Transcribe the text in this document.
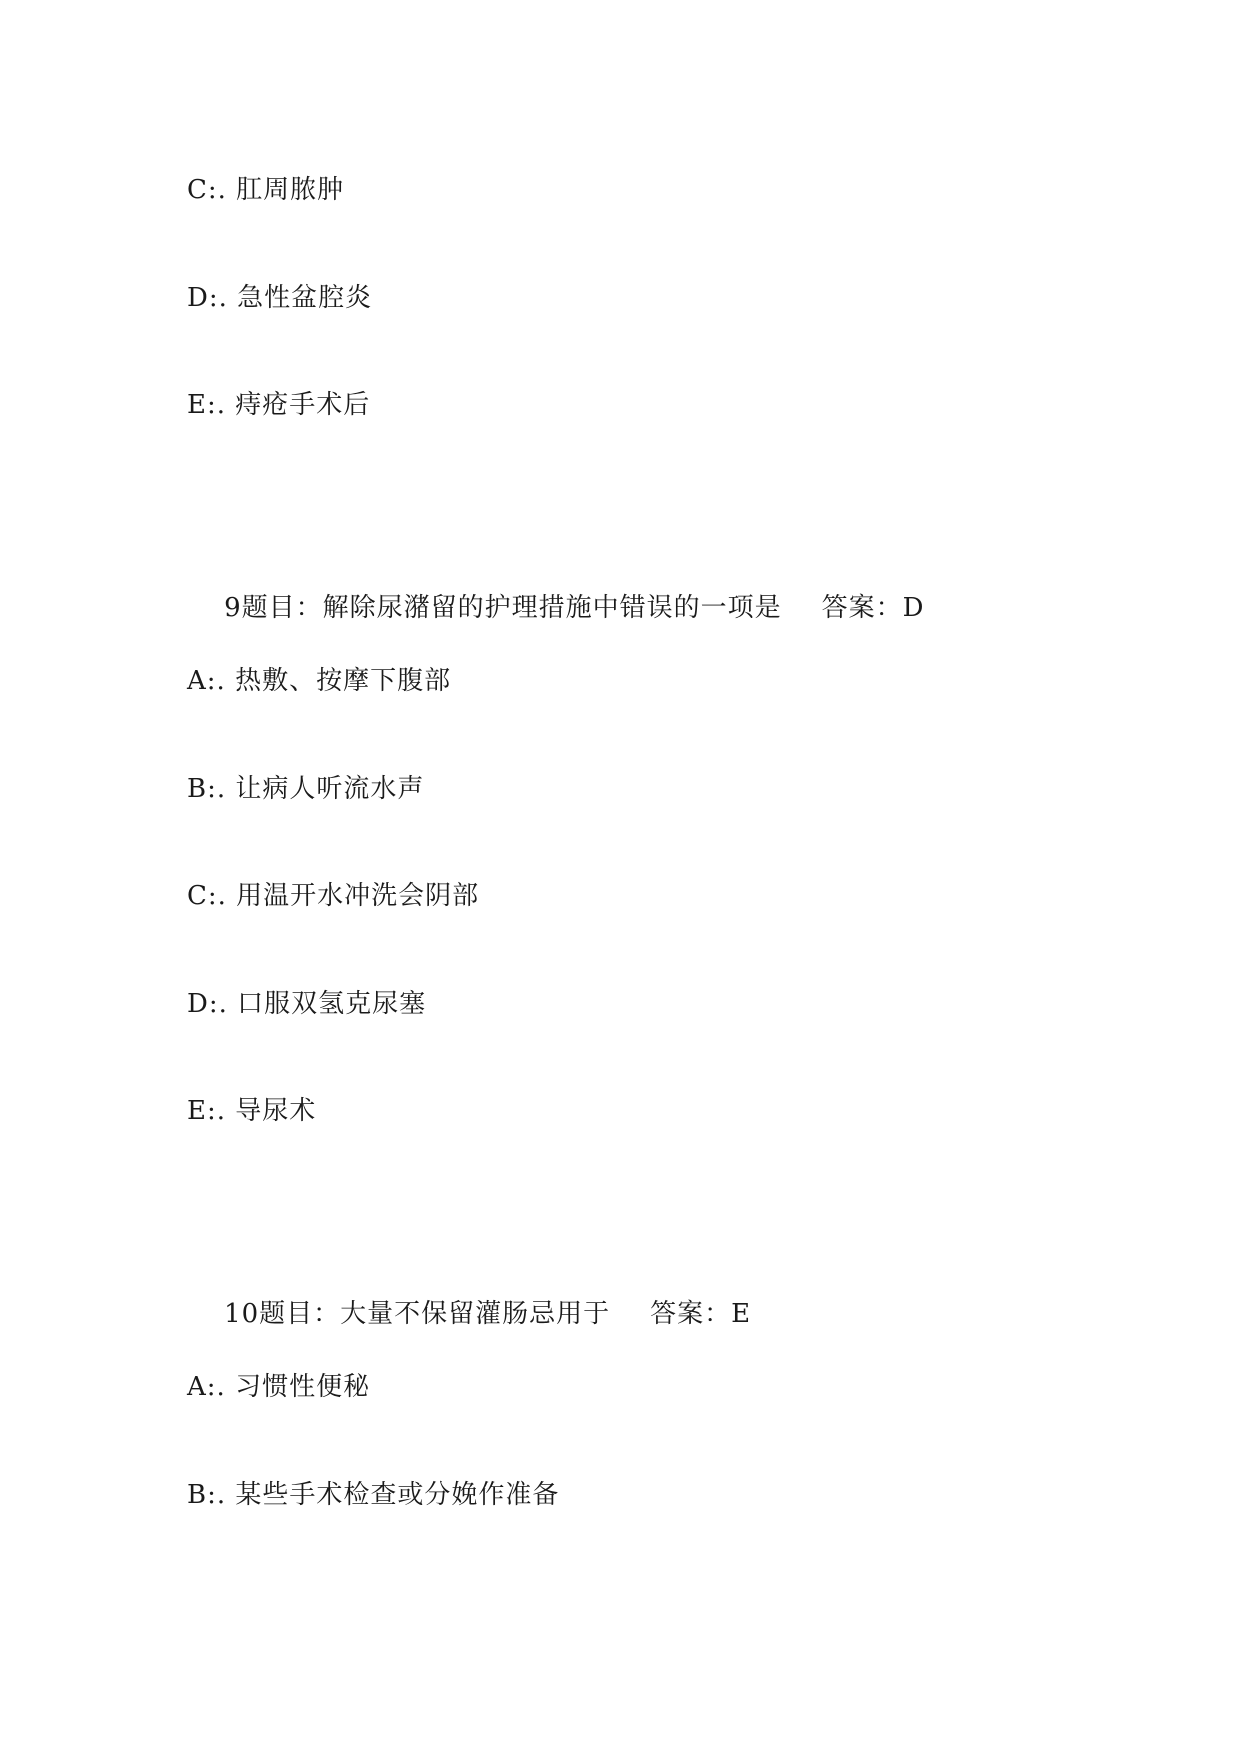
C:. 肛周脓肿
D:. 急性盆腔炎
E:. 痔疮手术后

9题目：解除尿潴留的护理措施中错误的一项是 答案：D

A:. 热敷、按摩下腹部
B:. 让病人听流水声
C:. 用温开水冲洗会阴部
D:. 口服双氢克尿塞
E:. 导尿术

10题目：大量不保留灌肠忌用于 答案：E

A:. 习惯性便秘
B:. 某些手术检查或分娩作准备
